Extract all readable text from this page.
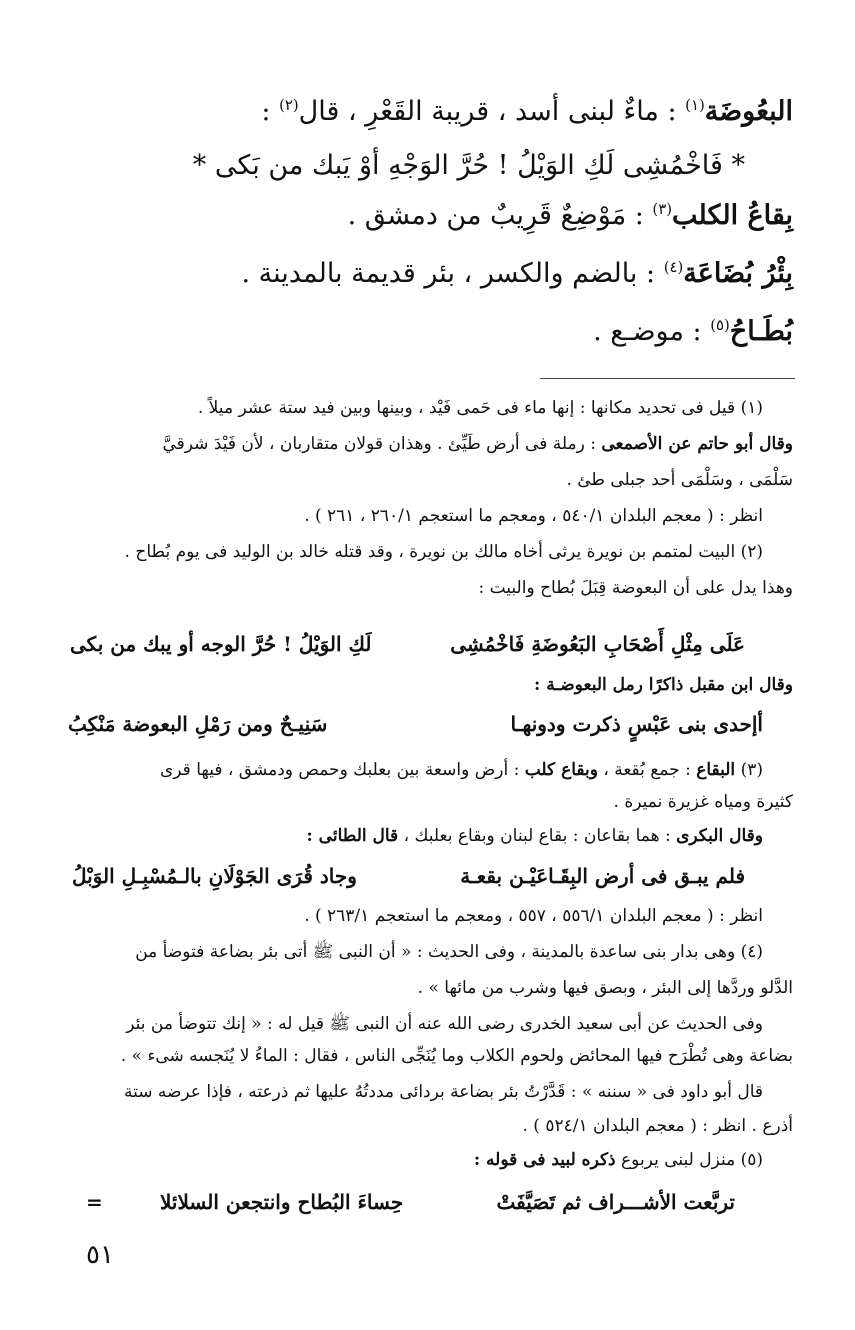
البعُوضَة$^{(١)}$ : ماءٌ لبنى أسد ، قريبة القَعْرِ ، قال$^{(٢)}$ :
* فَاخْمُشِى لَكِ الوَيْلُ ! حُرَّ الوَجْهِ أوْ يَبك من بَكى *
بِقاعُ الكلب$^{(٣)}$ : مَوْضِعٌ قَرِيبٌ من دمشق .
بِئْرُ بُضَاعَة$^{(٤)}$ : بالضم والكسر ، بئر قديمة بالمدينة .
بُطَـاحُ$^{(٥)}$ : موضـع .
(١) قيل فى تحديد مكانها : إنها ماء فى حَمى فَيْد ، وبينها وبين فيد ستة عشر ميلاً .
وقال أبو حاتم عن الأصمعى : رملة فى أرض طَيِّئ . وهذان قولان متقاربان ، لأن فَيْدَ شرقيَّ
سَلْمَى ، وسَلْمَى أحد جبلى طئ .
انظر : ( معجم البلدان ٥٤٠/١ ، ومعجم ما استعجم ٢٦٠/١ ، ٢٦١ ) .
(٢) البيت لمتمم بن نويرة يرثى أخاه مالك بن نويرة ، وقد قتله خالد بن الوليد فى يوم بُطاح .
وهذا يدل على أن البعوضة قِبَلَ بُطاح والبيت :
عَلَى مِثْلِ أَصْحَابِ البَعُوضَةِ فَاخْمُشِى
لَكِ الوَيْلُ ! حُرَّ الوجه أو يبك من بكى
وقال ابن مقبل ذاكرًا رمل البعوضـة :
أإحدى بنى عَبْسٍ ذكرت ودونهـا
سَنِيـحٌ ومن رَمْلِ البعوضة مَنْكِبُ
(٣) البقاع : جمع بُقعة ، وبقاع كلب : أرض واسعة بين بعلبك وحمص ودمشق ، فيها قرى
كثيرة ومياه غزيرة نميرة .
وقال البكرى : هما بقاعان : بقاع لبنان وبقاع بعلبك ، قال الطائى :
فلم يبـق فى أرض البِقَـاعَيْـن بقعـة
وجاد قُرَى الجَوْلَانِ بالـمُسْبِـلِ الوَبْلُ
انظر : ( معجم البلدان ٥٥٦/١ ، ٥٥٧ ، ومعجم ما استعجم ٢٦٣/١ ) .
(٤) وهى بدار بنى ساعدة بالمدينة ، وفى الحديث : « أن النبى ﷺ أتى بئر بضاعة فتوضأ من
الدَّلو وردَّها إلى البئر ، وبصق فيها وشرب من مائها » .
وفى الحديث عن أبى سعيد الخدرى رضى الله عنه أن النبى ﷺ قيل له : « إنك تتوضأ من بئر
بضاعة وهى تُطْرَح فيها المحائض ولحوم الكلاب وما يُنَجِّى الناس ، فقال : الماءُ لا يُنَجسه شىء » .
قال أبو داود فى « سننه » : قَدَّرْتُ بئر بضاعة بردائى مددتُهُ عليها ثم ذرعته ، فإذا عرضه ستة
أذرع . انظر : ( معجم البلدان ٥٢٤/١ ) .
(٥) منزل لبنى يربوع ذكره لبيد فى قوله :
تربَّعت الأشـــراف ثم تَصَيَّفَتْ
حِساءَ البُطاح وانتجعن السلائلا
=
٥١
